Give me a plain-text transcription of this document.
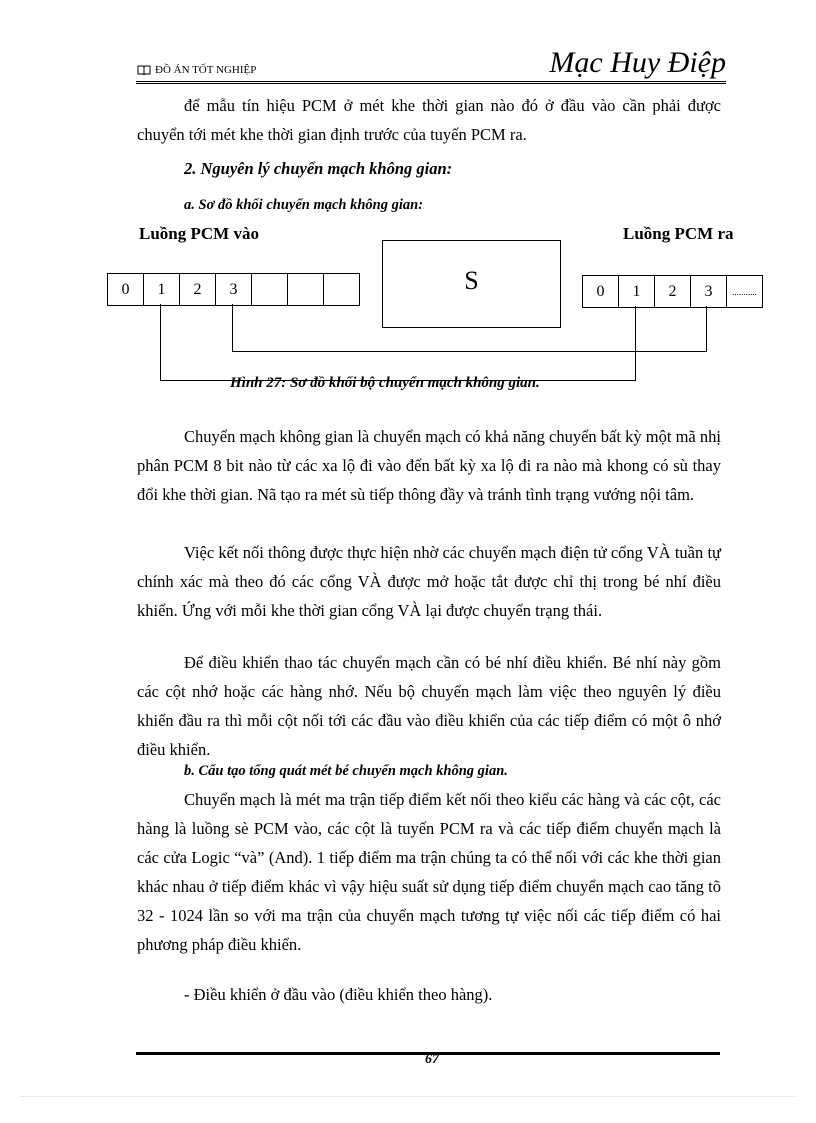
ĐỒ ÁN TỐT NGHIỆP	Mạc Huy Điệp

để mẫu tín hiệu PCM ở mét khe thời gian nào đó ở đầu vào cần phải được chuyển tới mét khe thời gian định trước của tuyến PCM ra.

2. Nguyên lý chuyển mạch không gian:
a. Sơ đồ khối chuyển mạch không gian:
Luồng PCM vào	Luồng PCM ra
0	1	2	3	S	0	1	2	3	...........
Hình 27: Sơ đồ khối bộ chuyển mạch không gian.

Chuyển mạch không gian là chuyển mạch có khả năng chuyển bất kỳ một mã nhị phân PCM 8 bit nào từ các xa lộ đi vào đến bất kỳ xa lộ đi ra nào mà khong có sù thay đổi khe thời gian. Nã tạo ra mét sù tiếp thông đầy và tránh tình trạng vướng nội tâm.

Việc kết nối thông được thực hiện nhờ các chuyển mạch điện tử cổng VÀ tuần tự chính xác mà theo đó các cổng VÀ được mở hoặc tắt được chỉ thị trong bé nhí điều khiển. Ứng với mỗi khe thời gian cổng VÀ lại được chuyển trạng thái.

Để điều khiển thao tác chuyển mạch cần có bé nhí điều khiển. Bé nhí này gồm các cột nhớ hoặc các hàng nhớ. Nếu bộ chuyển mạch làm việc theo nguyên lý điều khiển đầu ra thì mỗi cột nối tới các đầu vào điều khiển của các tiếp điểm có một ô nhớ điều khiển.

b. Cấu tạo tổng quát mét bé chuyển mạch không gian.

Chuyển mạch là mét ma trận tiếp điểm kết nối theo kiểu các hàng và các cột, các hàng là luồng sè PCM vào, các cột là tuyến PCM ra và các tiếp điểm chuyển mạch là các cửa Logic “và” (And). 1 tiếp điểm ma trận chúng ta có thể nối với các khe thời gian khác nhau ở tiếp điểm khác vì vậy hiệu suất sử dụng tiếp điểm chuyển mạch cao tăng tõ 32 - 1024 lần so với ma trận của chuyển mạch tương tự việc nối các tiếp điểm có hai phương pháp điều khiển.

- Điều khiển ở đầu vào (điều khiển theo hàng).

67
